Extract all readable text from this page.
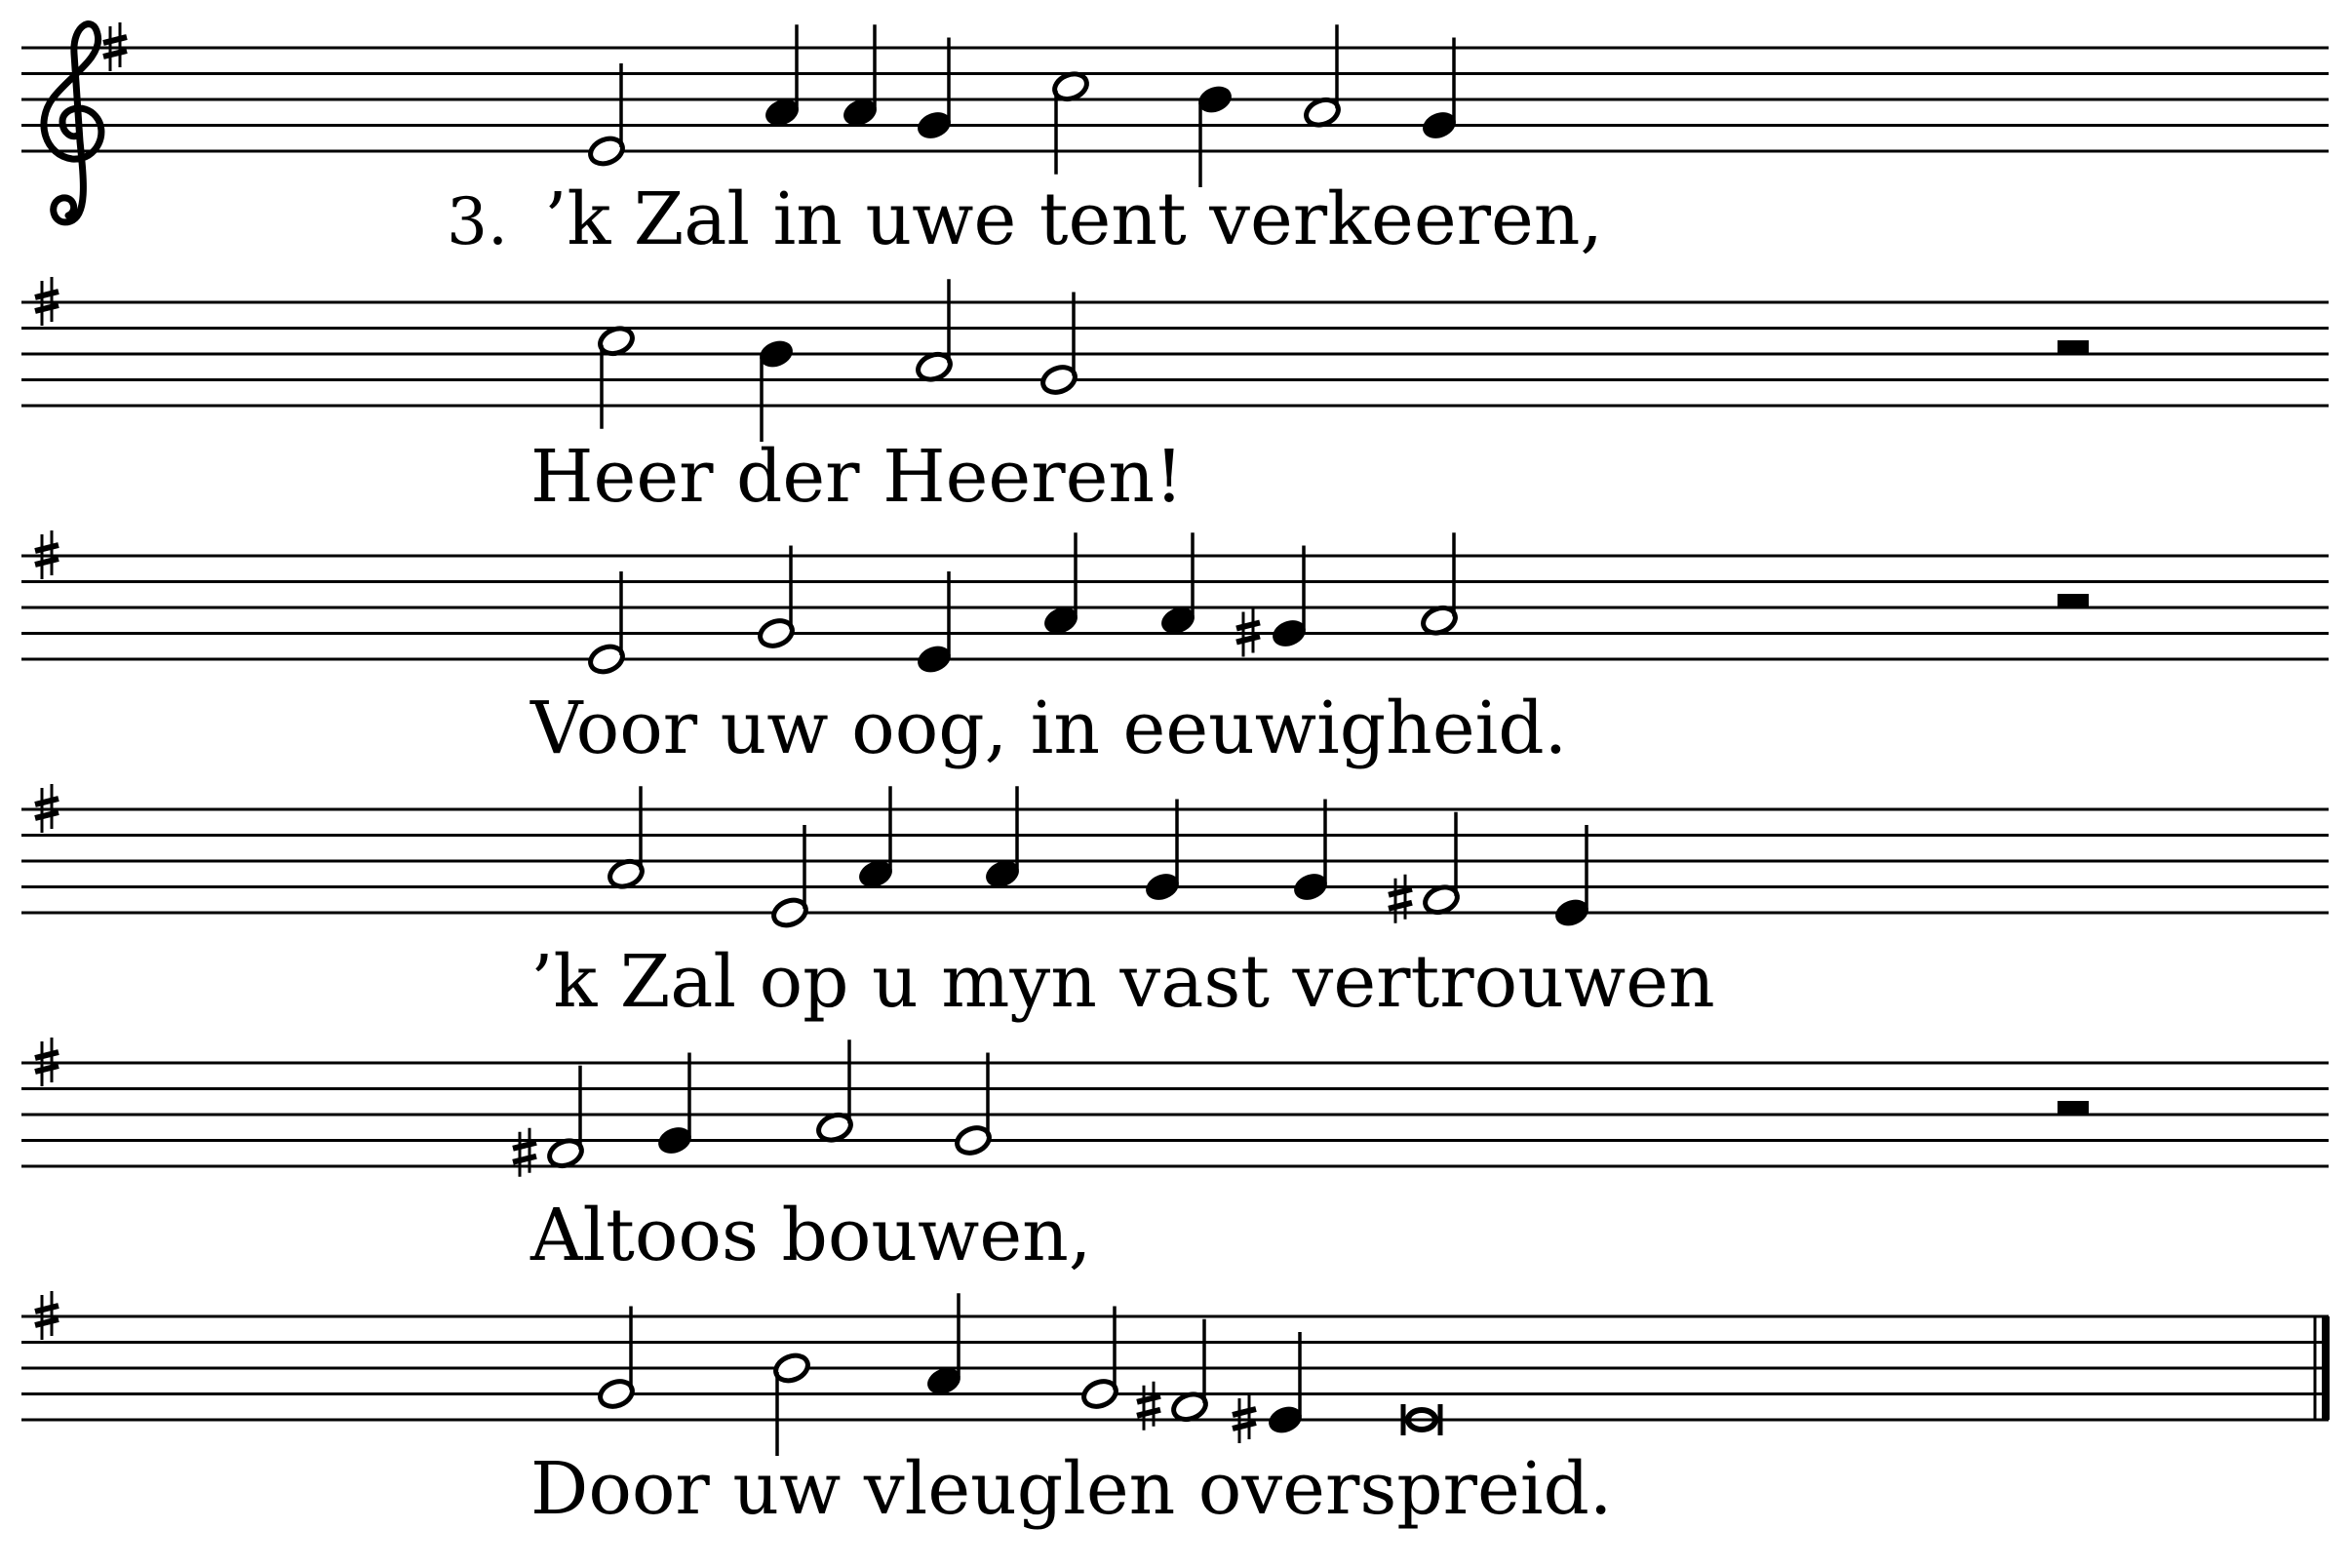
3.  ’k Zal in uwe tent verkeeren,
Heer der Heeren!
Voor uw oog, in eeuwigheid.
’k Zal op u myn vast vertrouwen
Altoos bouwen,
Door uw vleuglen overspreid.
